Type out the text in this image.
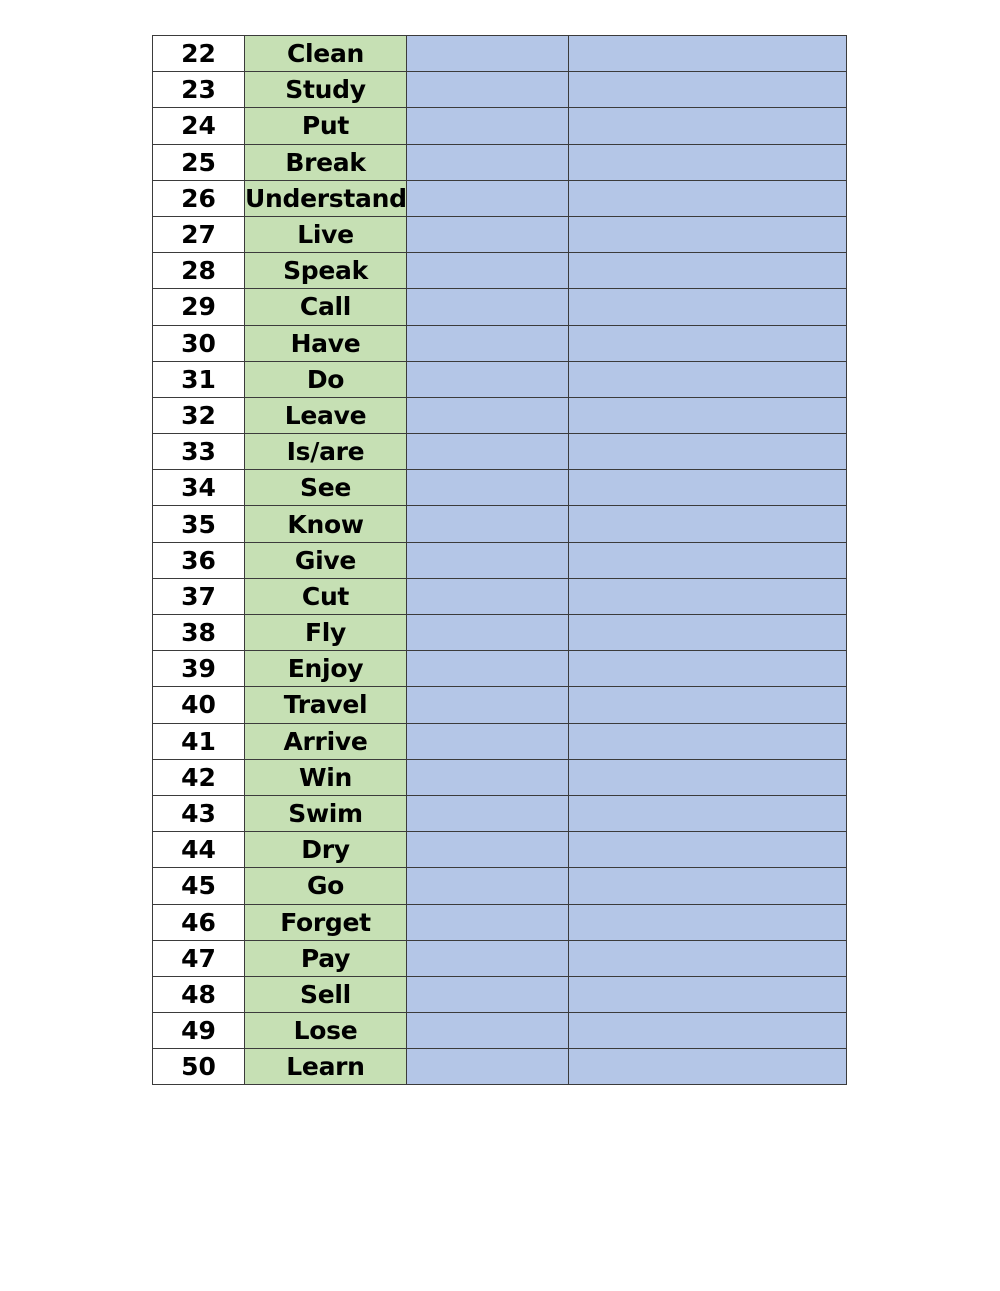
22	Clean		
23	Study		
24	Put		
25	Break		
26	Understand		
27	Live		
28	Speak		
29	Call		
30	Have		
31	Do		
32	Leave		
33	Is/are		
34	See		
35	Know		
36	Give		
37	Cut		
38	Fly		
39	Enjoy		
40	Travel		
41	Arrive		
42	Win		
43	Swim		
44	Dry		
45	Go		
46	Forget		
47	Pay		
48	Sell		
49	Lose		
50	Learn		
